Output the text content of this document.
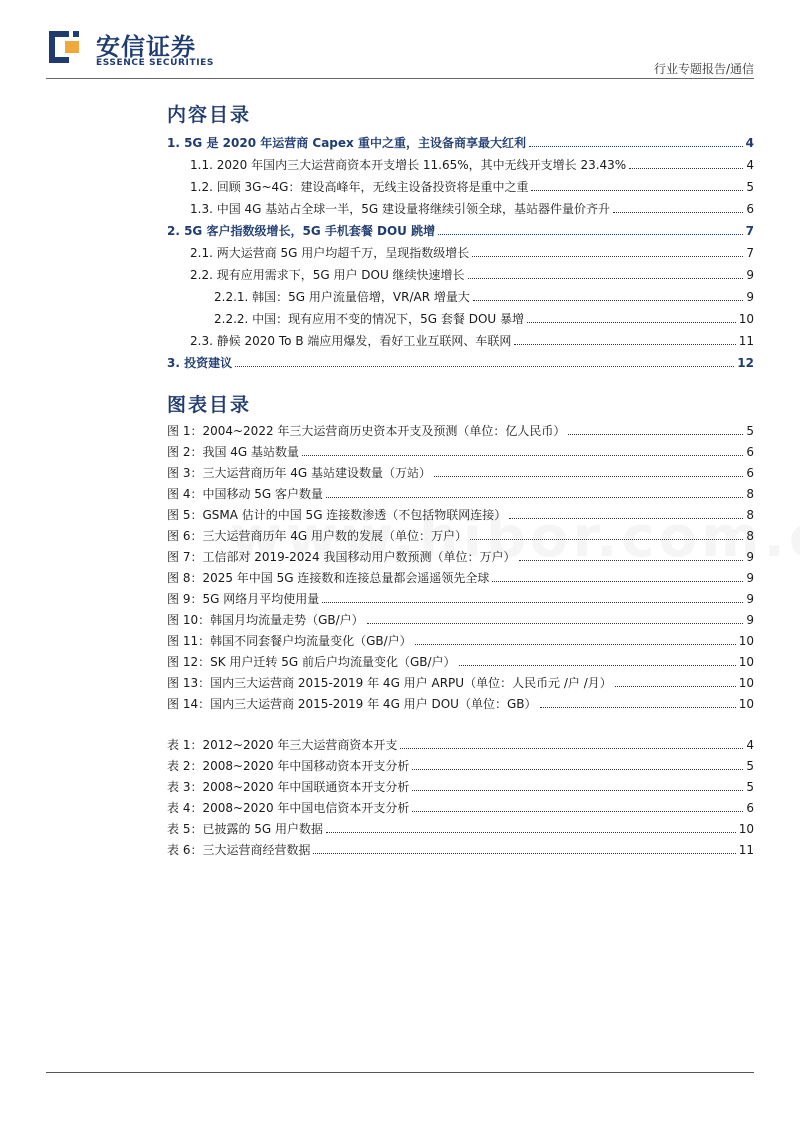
安信证券
ESSENCE SECURITIES	行业专题报告/通信
内容目录
1. 5G 是 2020 年运营商 Capex 重中之重，主设备商享最大红利	4
1.1. 2020 年国内三大运营商资本开支增长 11.65%，其中无线开支增长 23.43%	4
1.2. 回顾 3G~4G：建设高峰年，无线主设备投资将是重中之重	5
1.3. 中国 4G 基站占全球一半，5G 建设量将继续引领全球，基站器件量价齐升	6
2. 5G 客户指数级增长，5G 手机套餐 DOU 跳增	7
2.1. 两大运营商 5G 用户均超千万，呈现指数级增长	7
2.2. 现有应用需求下，5G 用户 DOU 继续快速增长	9
2.2.1. 韩国：5G 用户流量倍增，VR/AR 增量大	9
2.2.2. 中国：现有应用不变的情况下，5G 套餐 DOU 暴增	10
2.3. 静候 2020 To B 端应用爆发，看好工业互联网、车联网	11
3. 投资建议	12
图表目录
图 1：2004~2022 年三大运营商历史资本开支及预测（单位：亿人民币）	5
图 2：我国 4G 基站数量	6
图 3：三大运营商历年 4G 基站建设数量（万站）	6
图 4：中国移动 5G 客户数量	8
图 5：GSMA 估计的中国 5G 连接数渗透（不包括物联网连接）	8
图 6：三大运营商历年 4G 用户数的发展（单位：万户）	8
图 7：工信部对 2019-2024 我国移动用户数预测（单位：万户）	9
图 8：2025 年中国 5G 连接数和连接总量都会遥遥领先全球	9
图 9：5G 网络月平均使用量	9
图 10：韩国月均流量走势（GB/户）	9
图 11：韩国不同套餐户均流量变化（GB/户）	10
图 12：SK 用户迁转 5G 前后户均流量变化（GB/户）	10
图 13：国内三大运营商 2015-2019 年 4G 用户 ARPU（单位：人民币元 /户 /月）	10
图 14：国内三大运营商 2015-2019 年 4G 用户 DOU（单位：GB）	10
表 1：2012~2020 年三大运营商资本开支	4
表 2：2008~2020 年中国移动资本开支分析	5
表 3：2008~2020 年中国联通资本开支分析	5
表 4：2008~2020 年中国电信资本开支分析	6
表 5：已披露的 5G 用户数据	10
表 6：三大运营商经营数据	11
